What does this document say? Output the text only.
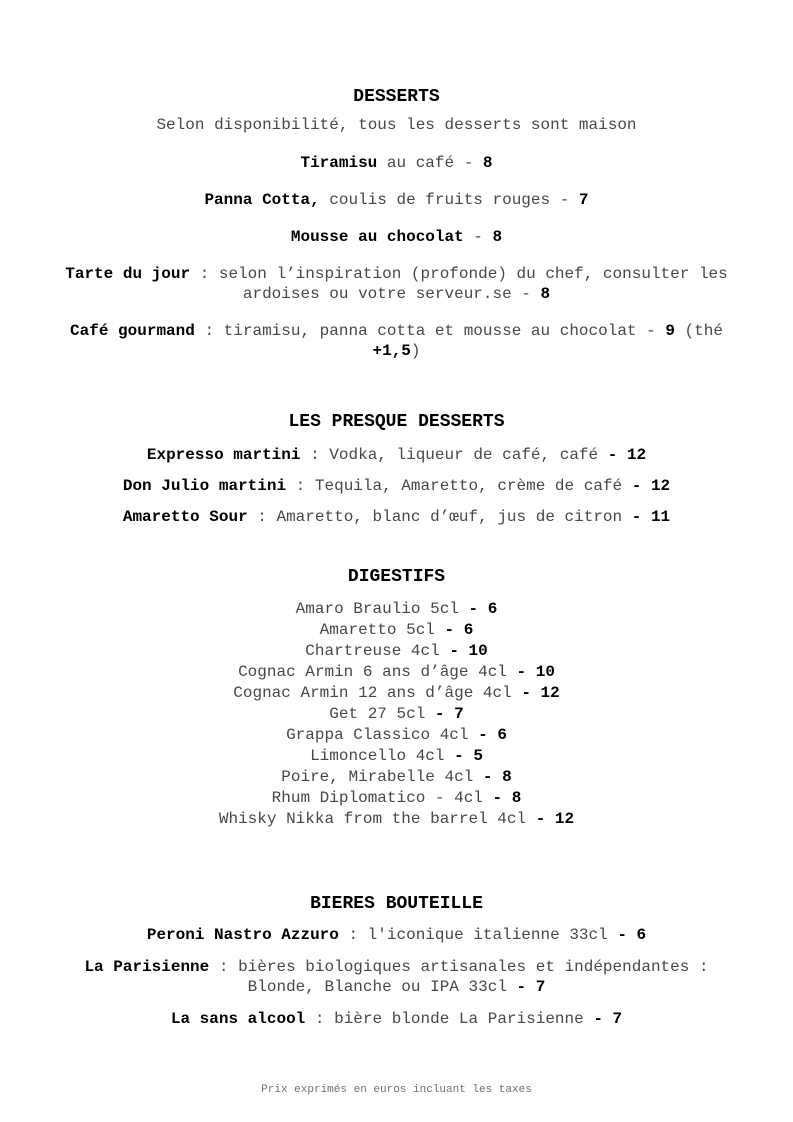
DESSERTS

Selon disponibilité, tous les desserts sont maison

Tiramisu au café - 8

Panna Cotta, coulis de fruits rouges - 7

Mousse au chocolat - 8

Tarte du jour : selon l’inspiration (profonde) du chef, consulter les ardoises ou votre serveur.se - 8

Café gourmand : tiramisu, panna cotta et mousse au chocolat - 9 (thé +1,5)

LES PRESQUE DESSERTS

Expresso martini : Vodka, liqueur de café, café - 12

Don Julio martini : Tequila, Amaretto, crème de café - 12

Amaretto Sour : Amaretto, blanc d’œuf, jus de citron - 11

DIGESTIFS

Amaro Braulio 5cl - 6

Amaretto 5cl - 6

Chartreuse 4cl - 10

Cognac Armin 6 ans d’âge 4cl - 10

Cognac Armin 12 ans d’âge 4cl - 12

Get 27 5cl - 7

Grappa Classico 4cl - 6

Limoncello 4cl - 5

Poire, Mirabelle 4cl - 8

Rhum Diplomatico - 4cl - 8

Whisky Nikka from the barrel 4cl - 12

BIERES BOUTEILLE

Peroni Nastro Azzuro : l'iconique italienne 33cl - 6

La Parisienne : bières biologiques artisanales et indépendantes : Blonde, Blanche ou IPA 33cl - 7

La sans alcool : bière blonde La Parisienne - 7

Prix exprimés en euros incluant les taxes
